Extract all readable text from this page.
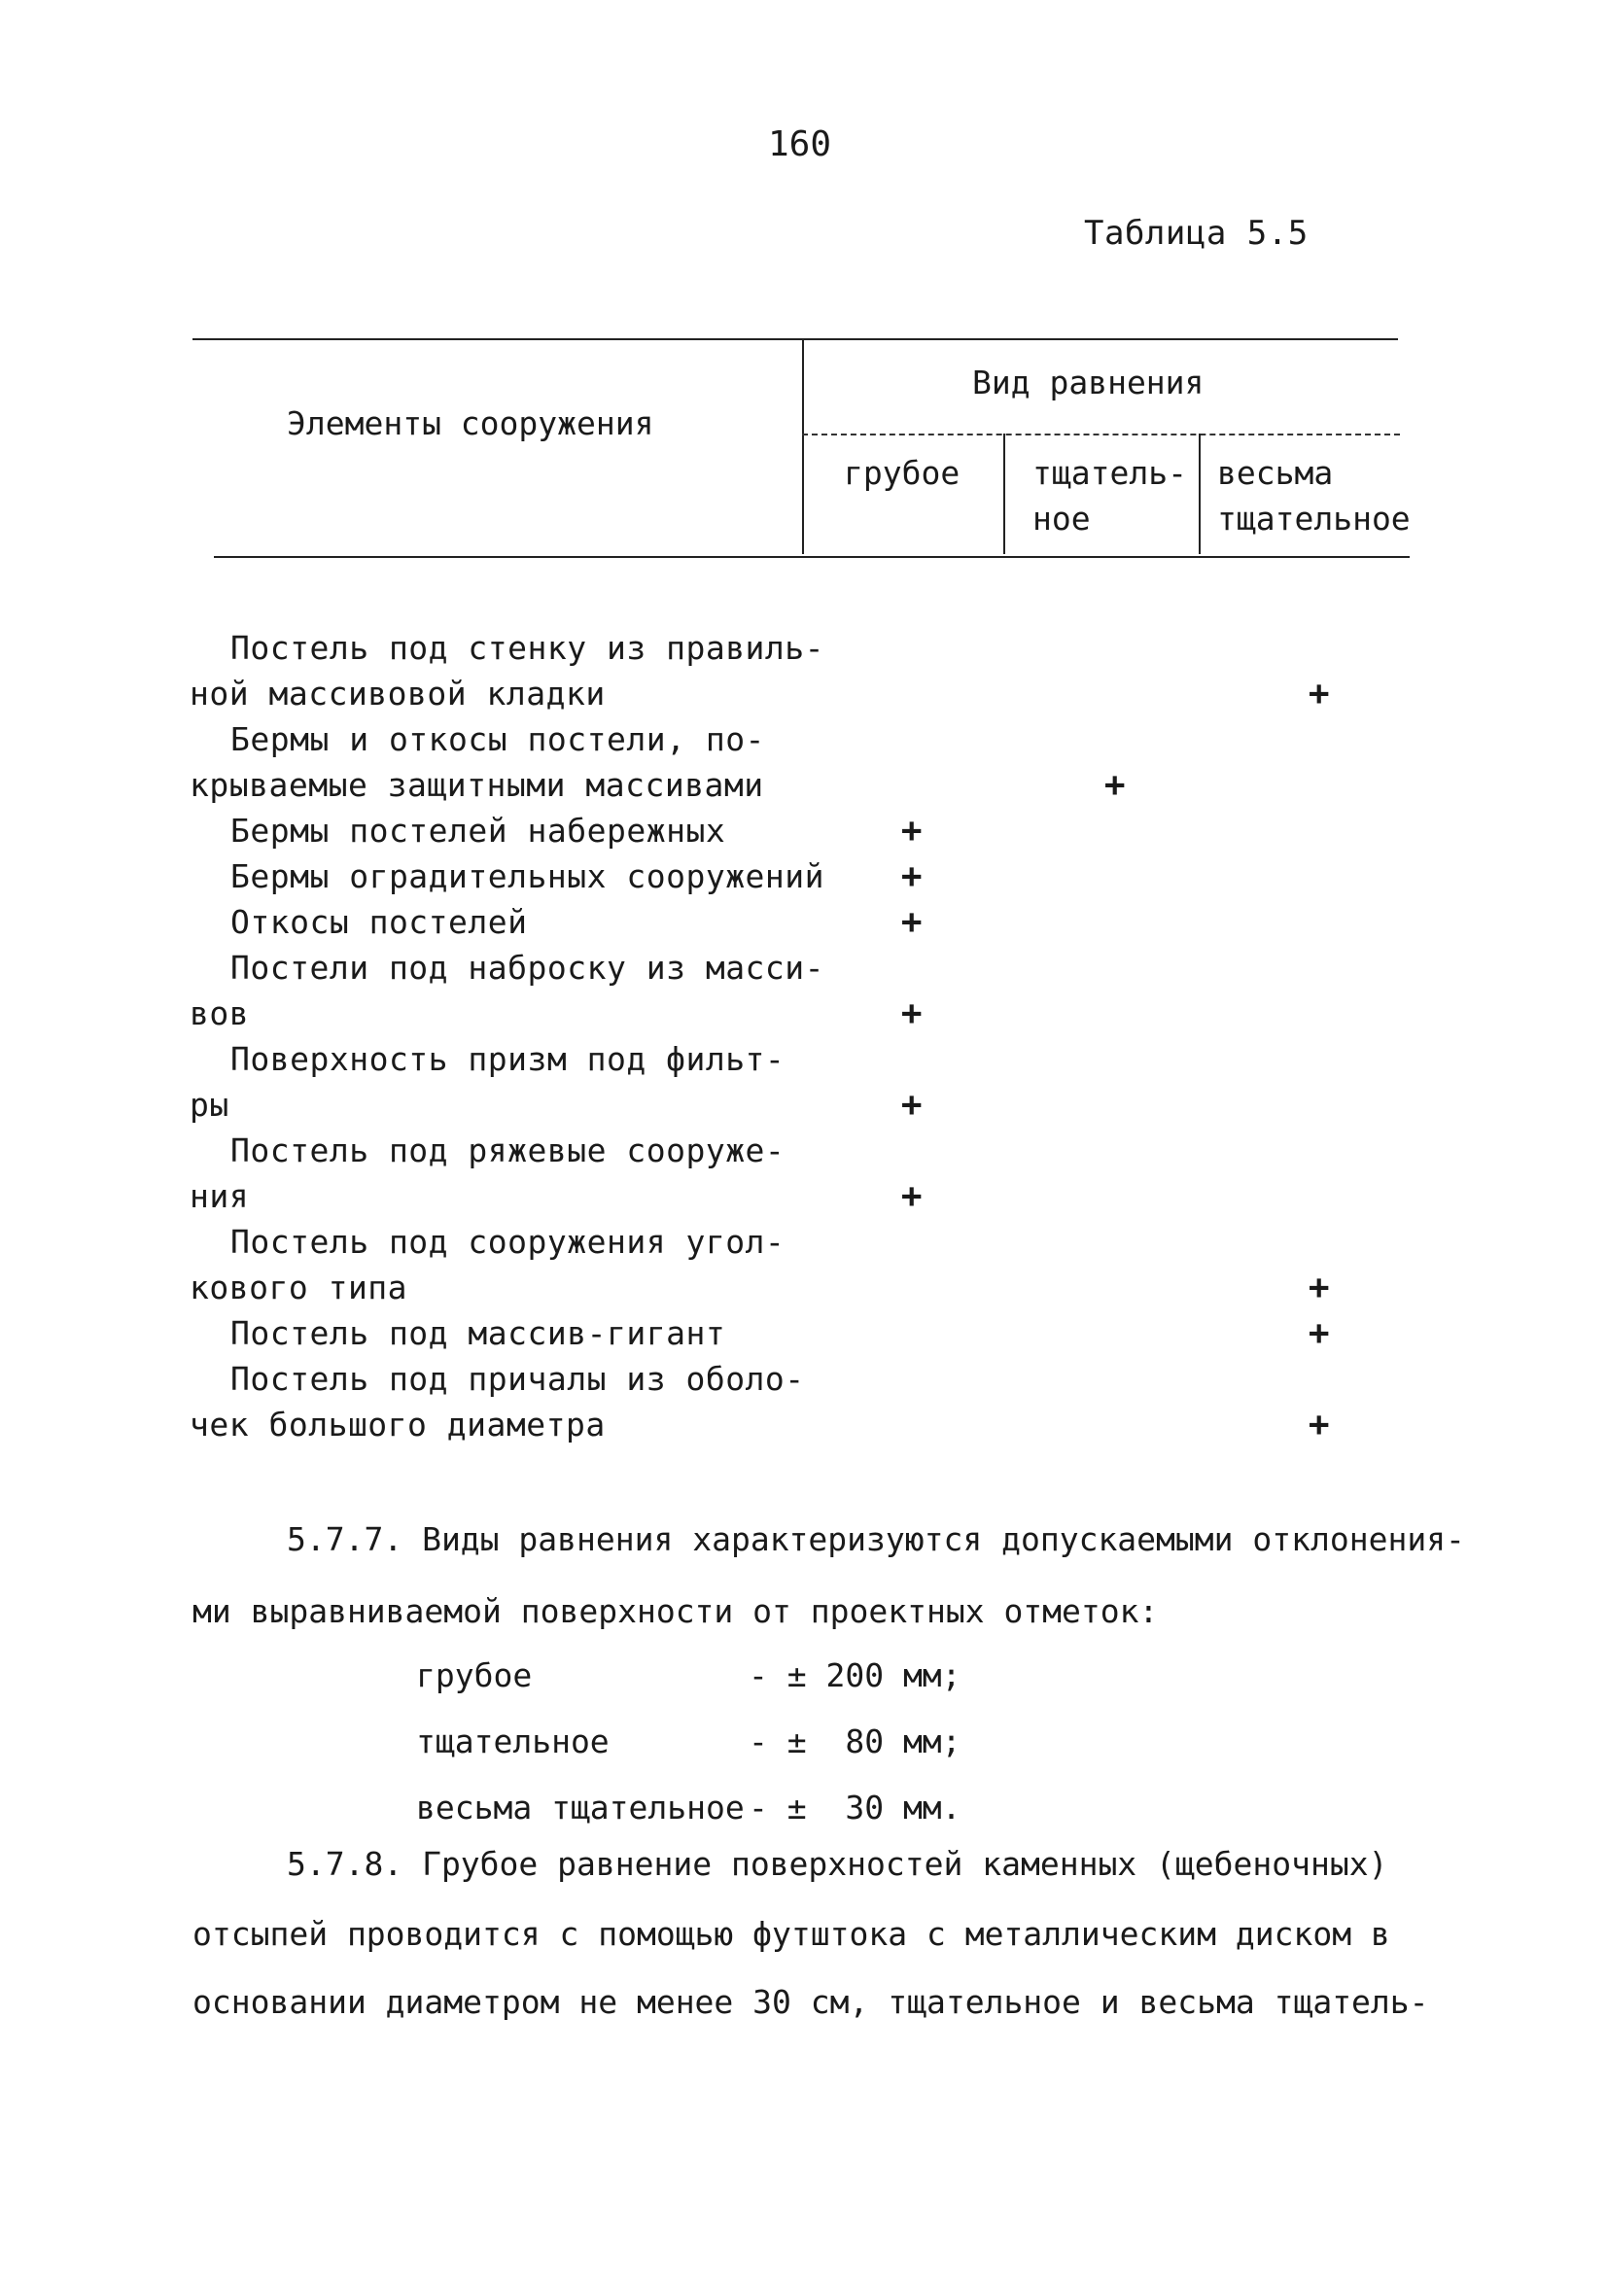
160
Таблица 5.5
Элементы сооружения
Вид равнения
грубое тщатель-
ное
весьма
тщательное
+
Постель под стенку из правиль-
ной массивовой кладки
+
Бермы и откосы постели, по-
крываемые защитными массивами
+
Бермы постелей набережных
+
Бермы оградительных сооружений
+
Откосы постелей
+
Постели под наброску из масси-
вов
+
Поверхность призм под фильт-
ры
+
Постель под ряжевые сооруже-
ния
+
Постель под сооружения угол-
кового типа
+
Постель под массив-гигант
+
Постель под причалы из оболо-
чек большого диаметра
5.7.7. Виды равнения характеризуются допускаемыми отклонения-
ми выравниваемой поверхности от проектных отметок:
грубое	- ± 200 мм;
тщательное	- ±  80 мм;
весьма тщательное - ±  30 мм.
5.7.8. Грубое равнение поверхностей каменных (щебеночных)
отсыпей проводится с помощью футштока с металлическим диском в
основании диаметром не менее 30 см, тщательное и весьма тщатель-
